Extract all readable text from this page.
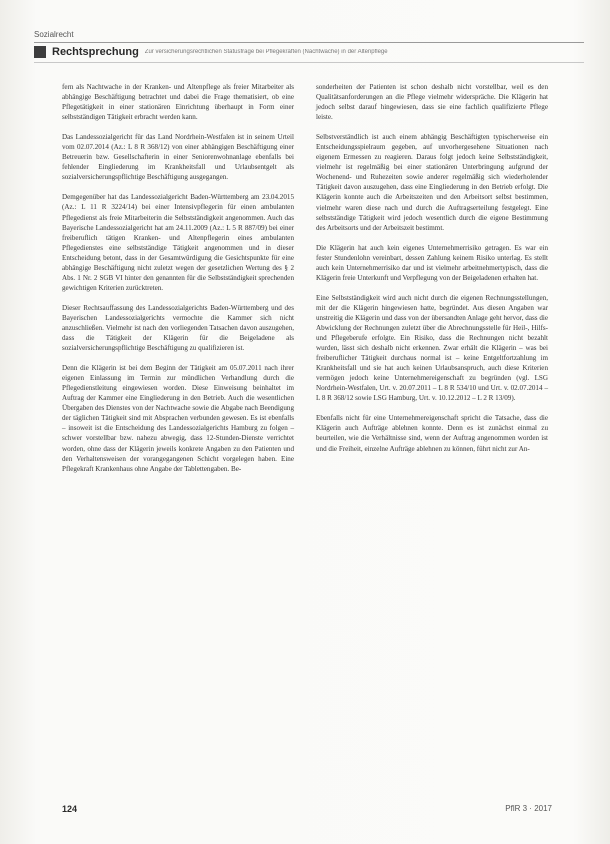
Sozialrecht
Rechtsprechung Zur versicherungsrechtlichen Statusfrage bei Pflegekräften (Nachtwache) in der Altenpflege

fern als Nachtwache in der Kranken- und Altenpflege als freier Mitarbeiter als abhängige Beschäftigung betrachtet und dabei die Frage thematisiert, ob eine Pflegetätigkeit in einer stationären Einrichtung überhaupt in Form einer selbstständigen Tätigkeit erbracht werden kann.

Das Landessozialgericht für das Land Nordrhein-Westfalen ist in seinem Urteil vom 02.07.2014 (Az.: L 8 R 368/12) von einer abhängigen Beschäftigung einer Betreuerin bzw. Gesellschafterin in einer Seniorenwohnanlage ebenfalls bei fehlender Eingliederung im Krankheitsfall und Urlaubsentgelt als sozialversicherungspflichtige Beschäftigung ausgegangen.

Demgegenüber hat das Landessozialgericht Baden-Württemberg am 23.04.2015 (Az.: L 11 R 3224/14) bei einer Intensivpflegerin für einen ambulanten Pflegedienst als freie Mitarbeiterin die Selbstständigkeit angenommen. Auch das Bayerische Landessozialgericht hat am 24.11.2009 (Az.: L 5 R 887/09) bei einer freiberuflich tätigen Kranken- und Altenpflegerin eines ambulanten Pflegedienstes eine selbstständige Tätigkeit angenommen und in dieser Entscheidung betont, dass in der Gesamtwürdigung die Gesichtspunkte für eine abhängige Beschäftigung nicht zuletzt wegen der gesetzlichen Wertung des § 2 Abs. 1 Nr. 2 SGB VI hinter den genannten für die Selbstständigkeit sprechenden gewichtigen Kriterien zurücktreten.

Dieser Rechtsauffassung des Landessozialgerichts Baden-Württemberg und des Bayerischen Landessozialgerichts vermochte die Kammer sich nicht anzuschließen. Vielmehr ist nach den vorliegenden Tatsachen davon auszugehen, dass die Tätigkeit der Klägerin für die Beigeladene als sozialversicherungspflichtige Beschäftigung zu qualifizieren ist.

Denn die Klägerin ist bei dem Beginn der Tätigkeit am 05.07.2011 nach ihrer eigenen Einlassung im Termin zur mündlichen Verhandlung durch die Pflegedienstleitung eingewiesen worden. Diese Einweisung beinhaltet im Auftrag der Kammer eine Eingliederung in den Betrieb. Auch die wesentlichen Übergaben des Dienstes von der Nachtwache sowie die Abgabe nach Beendigung der täglichen Tätigkeit sind mit Absprachen verbunden gewesen. Es ist ebenfalls – insoweit ist die Entscheidung des Landessozialgerichts Hamburg zu folgen – schwer vorstellbar bzw. nahezu abwegig, dass 12-Stunden-Dienste verrichtet worden, ohne dass der Klägerin jeweils konkrete Angaben zu den Patienten und den Verhaltensweisen der vorangegangenen Schicht vorgelegen haben. Eine Pflegekraft Krankenhaus ohne Angabe der Tablettengaben. Be-

sonderheiten der Patienten ist schon deshalb nicht vorstellbar, weil es den Qualitätsanforderungen an die Pflege vielmehr widerspräche. Die Klägerin hat jedoch selbst darauf hingewiesen, dass sie eine fachlich qualifizierte Pflege leiste.

Selbstverständlich ist auch einem abhängig Beschäftigten typischerweise ein Entscheidungsspielraum gegeben, auf unvorhergesehene Situationen nach eigenem Ermessen zu reagieren. Daraus folgt jedoch keine Selbstständigkeit, vielmehr ist regelmäßig bei einer stationären Unterbringung aufgrund der Wochenend- und Ruhezeiten sowie anderer regelmäßig sich wiederholender Tätigkeit davon auszugehen, dass eine Eingliederung in den Betrieb erfolgt. Die Klägerin konnte auch die Arbeitszeiten und den Arbeitsort selbst bestimmen, vielmehr waren diese nach und durch die Auftragserteilung festgelegt. Eine selbstständige Tätigkeit wird jedoch wesentlich durch die eigene Bestimmung des Arbeitsorts und der Arbeitszeit bestimmt.

Die Klägerin hat auch kein eigenes Unternehmerrisiko getragen. Es war ein fester Stundenlohn vereinbart, dessen Zahlung keinem Risiko unterlag. Es stellt auch kein Unternehmerrisiko dar und ist vielmehr arbeitnehmertypisch, dass die Klägerin freie Unterkunft und Verpflegung von der Beigeladenen erhalten hat.

Eine Selbstständigkeit wird auch nicht durch die eigenen Rechnungsstellungen, mit der die Klägerin hingewiesen hatte, begründet. Aus diesen Angaben war unstreitig die Klägerin und dass von der übersandten Anlage geht hervor, dass die Abwicklung der Rechnungen zuletzt über die Abrechnungsstelle für Heil-, Hilfs- und Pflegeberufe erfolgte. Ein Risiko, dass die Rechnungen nicht bezahlt wurden, lässt sich deshalb nicht erkennen. Zwar erhält die Klägerin – was bei freiberuflicher Tätigkeit durchaus normal ist – keine Entgeltfortzahlung im Krankheitsfall und sie hat auch keinen Urlaubsanspruch, auch diese Kriterien vermögen jedoch keine Unternehmereigenschaft zu begründen (vgl. LSG Nordrhein-Westfalen, Urt. v. 20.07.2011 – L 8 R 534/10 und Urt. v. 02.07.2014 – L 8 R 368/12 sowie LSG Hamburg, Urt. v. 10.12.2012 – L 2 R 13/09).

Ebenfalls nicht für eine Unternehmereigenschaft spricht die Tatsache, dass die Klägerin auch Aufträge ablehnen konnte. Denn es ist zunächst einmal zu beurteilen, wie die Verhältnisse sind, wenn der Auftrag angenommen worden ist und die Freiheit, einzelne Aufträge ablehnen zu können, führt nicht zur An-

124	PflR 3 · 2017
